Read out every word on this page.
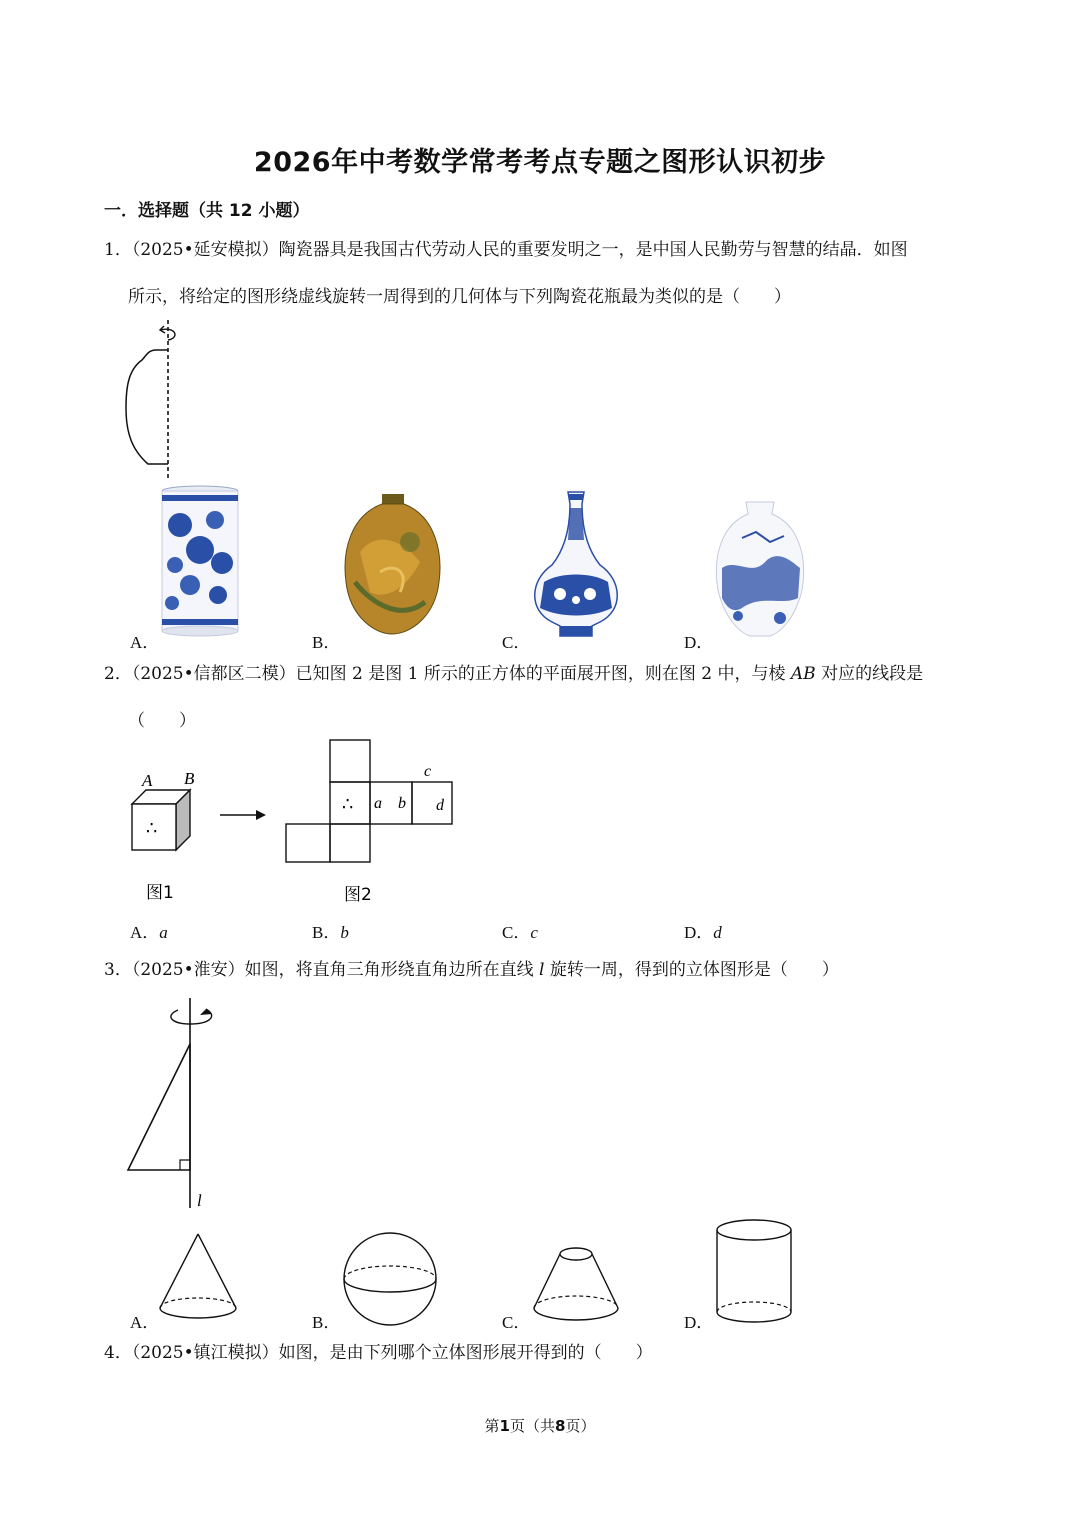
2026年中考数学常考考点专题之图形认识初步
一．选择题（共 12 小题）
1．（2025•延安模拟）陶瓷器具是我国古代劳动人民的重要发明之一，是中国人民勤劳与智慧的结晶．如图
所示，将给定的图形绕虚线旋转一周得到的几何体与下列陶瓷花瓶最为类似的是（　　）
A．	B．	C．	D．
2．（2025•信都区二模）已知图 2 是图 1 所示的正方体的平面展开图，则在图 2 中，与棱 AB 对应的线段是
（　　）
A B
∴
∴ a b
c
d
图1	图2
A．a	B．b	C．c	D．d
3．（2025•淮安）如图，将直角三角形绕直角边所在直线 l 旋转一周，得到的立体图形是（　　）
l
A．	B．	C．	D．
4．（2025•镇江模拟）如图，是由下列哪个立体图形展开得到的（　　）
第1页（共8页）
